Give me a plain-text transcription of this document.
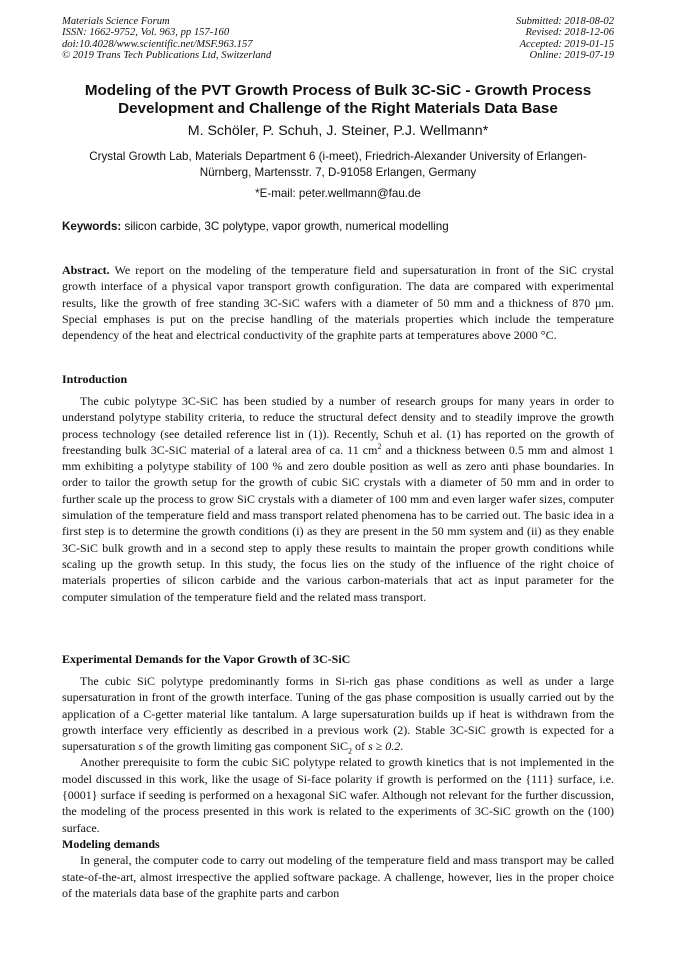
Materials Science Forum
ISSN: 1662-9752, Vol. 963, pp 157-160
doi:10.4028/www.scientific.net/MSF.963.157
© 2019 Trans Tech Publications Ltd, Switzerland
Submitted: 2018-08-02
Revised: 2018-12-06
Accepted: 2019-01-15
Online: 2019-07-19
Modeling of the PVT Growth Process of Bulk 3C-SiC - Growth Process
Development and Challenge of the Right Materials Data Base
M. Schöler, P. Schuh, J. Steiner, P.J. Wellmann*
Crystal Growth Lab, Materials Department 6 (i-meet), Friedrich-Alexander University of Erlangen-
Nürnberg, Martensstr. 7, D-91058 Erlangen, Germany
*E-mail: peter.wellmann@fau.de
Keywords: silicon carbide, 3C polytype, vapor growth, numerical modelling

Abstract. We report on the modeling of the temperature field and supersaturation in front of the SiC crystal growth interface of a physical vapor transport growth configuration. The data are compared with experimental results, like the growth of free standing 3C-SiC wafers with a diameter of 50 mm and a thickness of 870 µm. Special emphases is put on the precise handling of the materials properties which include the temperature dependency of the heat and electrical conductivity of the graphite parts at temperatures above 2000 °C.

Introduction

The cubic polytype 3C-SiC has been studied by a number of research groups for many years in order to understand polytype stability criteria, to reduce the structural defect density and to steadily improve the growth process technology (see detailed reference list in (1)). Recently, Schuh et al. (1) has reported on the growth of freestanding bulk 3C-SiC material of a lateral area of ca. 11 $cm^2$ and a thickness between 0.5 mm and almost 1 mm exhibiting a polytype stability of 100 % and zero double position as well as zero anti phase boundaries. In order to tailor the growth setup for the growth of cubic SiC crystals with a diameter of 50 mm and in order to further scale up the process to grow SiC crystals with a diameter of 100 mm and even larger wafer sizes, computer simulation of the temperature field and mass transport related phenomena has to be carried out. The basic idea in a first step is to determine the growth conditions (i) as they are present in the 50 mm system and (ii) as they enable 3C-SiC bulk growth and in a second step to apply these results to maintain the proper growth conditions while scaling up the growth setup. In this study, the focus lies on the study of the influence of the right choice of materials properties of silicon carbide and the various carbon-materials that act as input parameter for the computer simulation of the temperature field and the related mass transport.

Experimental Demands for the Vapor Growth of 3C-SiC

The cubic SiC polytype predominantly forms in Si-rich gas phase conditions as well as under a large supersaturation in front of the growth interface. Tuning of the gas phase composition is usually carried out by the application of a C-getter material like tantalum. A large supersaturation builds up if heat is withdrawn from the growth interface very efficiently as described in a previous work (2). Stable 3C-SiC growth is expected for a supersaturation s of the growth limiting gas component SiC$_2$ of s ≥ 0.2.

Another prerequisite to form the cubic SiC polytype related to growth kinetics that is not implemented in the model discussed in this work, like the usage of Si-face polarity if growth is performed on the {111} surface, i.e. {0001} surface if seeding is performed on a hexagonal SiC wafer. Although not relevant for the further discussion, the modeling of the process presented in this work is related to the experiments of 3C-SiC growth on the (100) surface.

Modeling demands

In general, the computer code to carry out modeling of the temperature field and mass transport may be called state-of-the-art, almost irrespective the applied software package. A challenge, however, lies in the proper choice of the materials data base of the graphite parts and carbon
